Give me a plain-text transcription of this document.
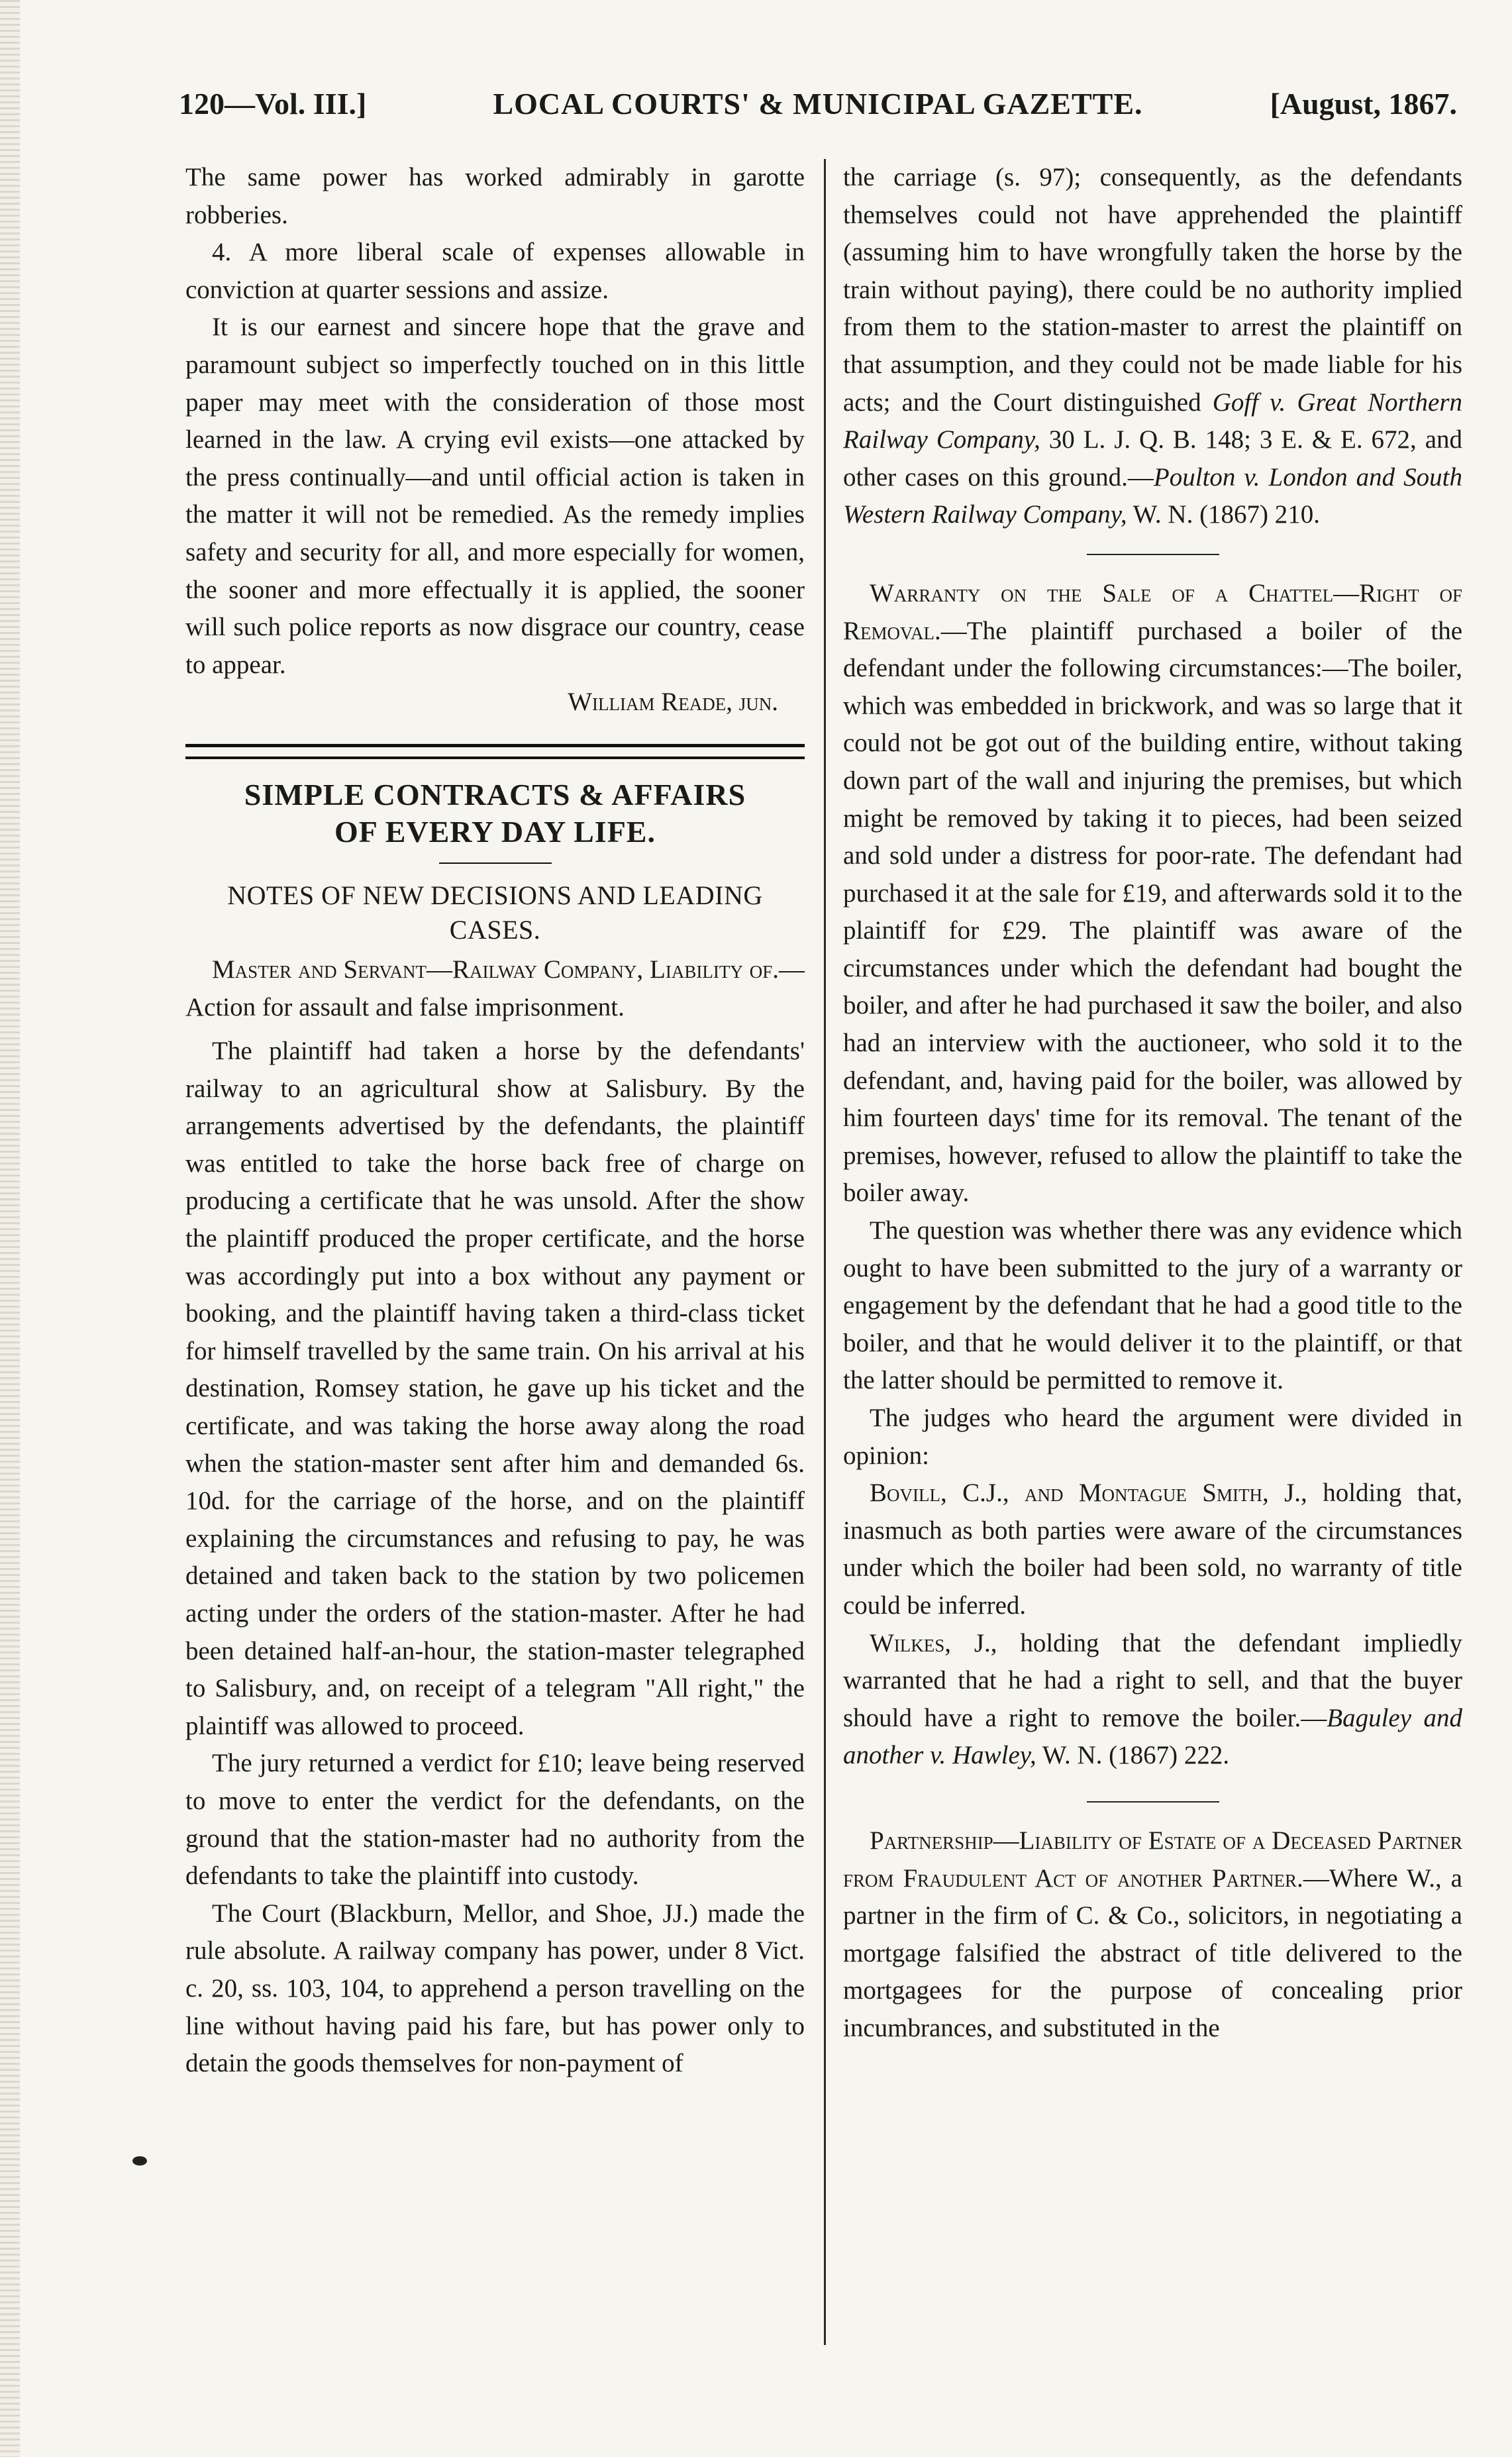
120—Vol. III.]	LOCAL COURTS' & MUNICIPAL GAZETTE.	[August, 1867.

The same power has worked admirably in garotte robberies.

4. A more liberal scale of expenses allowable in conviction at quarter sessions and assize.

It is our earnest and sincere hope that the grave and paramount subject so imperfectly touched on in this little paper may meet with the consideration of those most learned in the law. A crying evil exists—one attacked by the press continually—and until official action is taken in the matter it will not be remedied. As the remedy implies safety and security for all, and more especially for women, the sooner and more effectually it is applied, the sooner will such police reports as now disgrace our country, cease to appear.

William Reade, jun.

SIMPLE CONTRACTS & AFFAIRS
OF EVERY DAY LIFE.
NOTES OF NEW DECISIONS AND LEADING CASES.

Master and Servant—Railway Company, Liability of.—Action for assault and false imprisonment.

The plaintiff had taken a horse by the defendants' railway to an agricultural show at Salisbury. By the arrangements advertised by the defendants, the plaintiff was entitled to take the horse back free of charge on producing a certificate that he was unsold. After the show the plaintiff produced the proper certificate, and the horse was accordingly put into a box without any payment or booking, and the plaintiff having taken a third-class ticket for himself travelled by the same train. On his arrival at his destination, Romsey station, he gave up his ticket and the certificate, and was taking the horse away along the road when the station-master sent after him and demanded 6s. 10d. for the carriage of the horse, and on the plaintiff explaining the circumstances and refusing to pay, he was detained and taken back to the station by two policemen acting under the orders of the station-master. After he had been detained half-an-hour, the station-master telegraphed to Salisbury, and, on receipt of a telegram "All right," the plaintiff was allowed to proceed.

The jury returned a verdict for £10; leave being reserved to move to enter the verdict for the defendants, on the ground that the station-master had no authority from the defendants to take the plaintiff into custody.

The Court (Blackburn, Mellor, and Shoe, JJ.) made the rule absolute. A railway company has power, under 8 Vict. c. 20, ss. 103, 104, to apprehend a person travelling on the line without having paid his fare, but has power only to detain the goods themselves for non-payment of

the carriage (s. 97); consequently, as the defendants themselves could not have apprehended the plaintiff (assuming him to have wrongfully taken the horse by the train without paying), there could be no authority implied from them to the station-master to arrest the plaintiff on that assumption, and they could not be made liable for his acts; and the Court distinguished Goff v. Great Northern Railway Company, 30 L. J. Q. B. 148; 3 E. & E. 672, and other cases on this ground.—Poulton v. London and South Western Railway Company, W. N. (1867) 210.

Warranty on the Sale of a Chattel—Right of Removal.—The plaintiff purchased a boiler of the defendant under the following circumstances:—The boiler, which was embedded in brickwork, and was so large that it could not be got out of the building entire, without taking down part of the wall and injuring the premises, but which might be removed by taking it to pieces, had been seized and sold under a distress for poor-rate. The defendant had purchased it at the sale for £19, and afterwards sold it to the plaintiff for £29. The plaintiff was aware of the circumstances under which the defendant had bought the boiler, and after he had purchased it saw the boiler, and also had an interview with the auctioneer, who sold it to the defendant, and, having paid for the boiler, was allowed by him fourteen days' time for its removal. The tenant of the premises, however, refused to allow the plaintiff to take the boiler away.

The question was whether there was any evidence which ought to have been submitted to the jury of a warranty or engagement by the defendant that he had a good title to the boiler, and that he would deliver it to the plaintiff, or that the latter should be permitted to remove it.

The judges who heard the argument were divided in opinion:

Bovill, C.J., and Montague Smith, J., holding that, inasmuch as both parties were aware of the circumstances under which the boiler had been sold, no warranty of title could be inferred.

Wilkes, J., holding that the defendant impliedly warranted that he had a right to sell, and that the buyer should have a right to remove the boiler.—Baguley and another v. Hawley, W. N. (1867) 222.

Partnership—Liability of Estate of a Deceased Partner from Fraudulent Act of another Partner.—Where W., a partner in the firm of C. & Co., solicitors, in negotiating a mortgage falsified the abstract of title delivered to the mortgagees for the purpose of concealing prior incumbrances, and substituted in the
